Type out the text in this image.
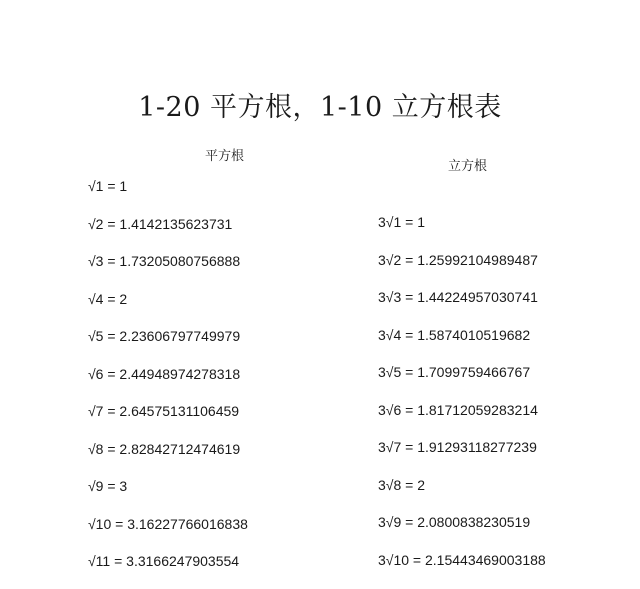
1-20 平方根，1-10 立方根表
平方根
立方根
√1 = 1
√2 = 1.4142135623731
√3 = 1.73205080756888
√4 = 2
√5 = 2.23606797749979
√6 = 2.44948974278318
√7 = 2.64575131106459
√8 = 2.82842712474619
√9 = 3
√10 = 3.16227766016838
√11 = 3.3166247903554
3√1 = 1
3√2 = 1.25992104989487
3√3 = 1.44224957030741
3√4 = 1.5874010519682
3√5 = 1.7099759466767
3√6 = 1.81712059283214
3√7 = 1.91293118277239
3√8 = 2
3√9 = 2.0800838230519
3√10 = 2.15443469003188
